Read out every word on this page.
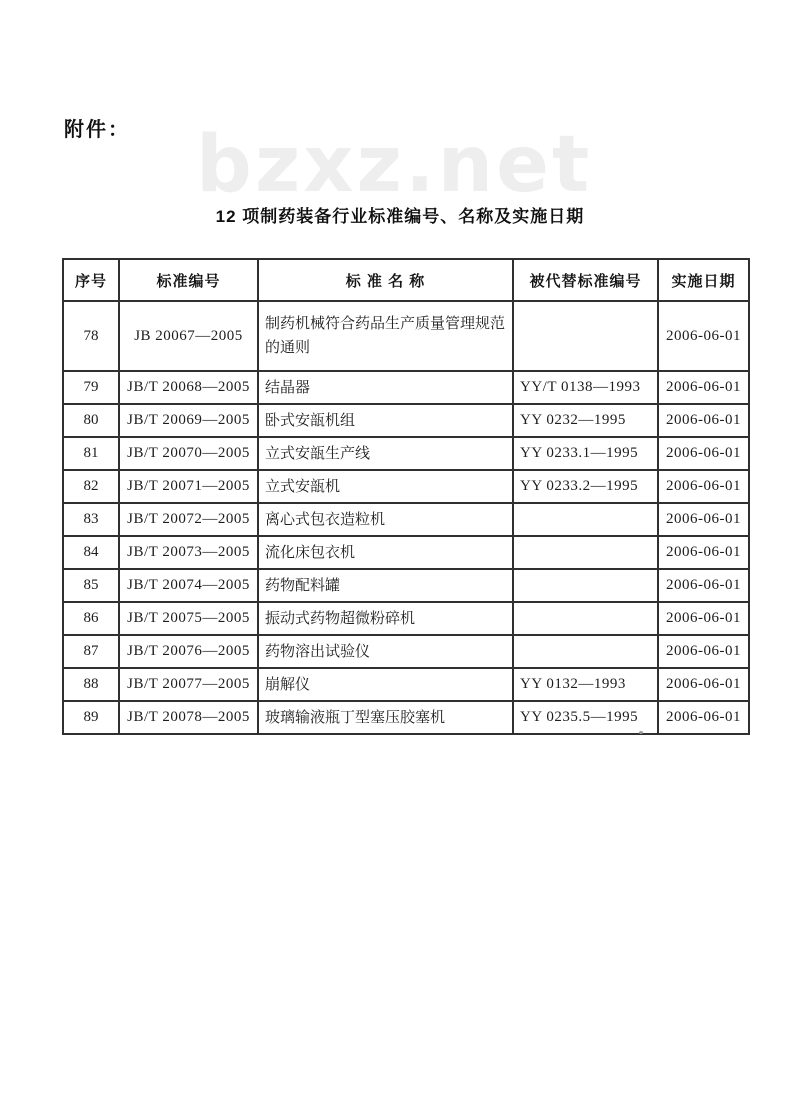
附件： bzxz.net
12 项制药装备行业标准编号、名称及实施日期
序号	标准编号	标 准 名 称	被代替标准编号	实施日期
78	JB 20067—2005	制药机械符合药品生产质量管理规范的通则		2006-06-01
79	JB/T 20068—2005	结晶器	YY/T 0138—1993	2006-06-01
80	JB/T 20069—2005	卧式安瓿机组	YY 0232—1995	2006-06-01
81	JB/T 20070—2005	立式安瓿生产线	YY 0233.1—1995	2006-06-01
82	JB/T 20071—2005	立式安瓿机	YY 0233.2—1995	2006-06-01
83	JB/T 20072—2005	离心式包衣造粒机		2006-06-01
84	JB/T 20073—2005	流化床包衣机		2006-06-01
85	JB/T 20074—2005	药物配料罐		2006-06-01
86	JB/T 20075—2005	振动式药物超微粉碎机		2006-06-01
87	JB/T 20076—2005	药物溶出试验仪		2006-06-01
88	JB/T 20077—2005	崩解仪	YY 0132—1993	2006-06-01
89	JB/T 20078—2005	玻璃输液瓶丁型塞压胶塞机	YY 0235.5—1995	2006-06-01
